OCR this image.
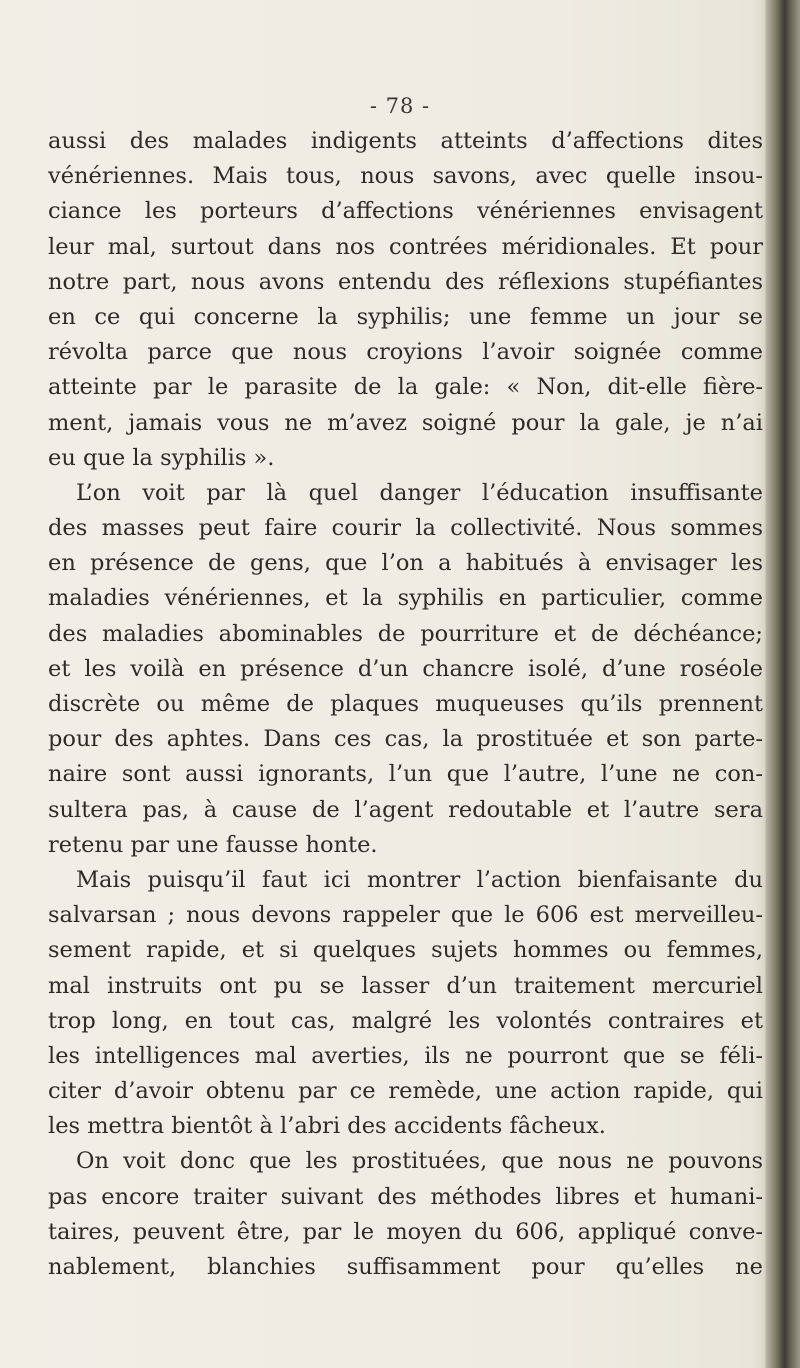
- 78 -
aussi des malades indigents atteints d’affections dites
vénériennes. Mais tous, nous savons, avec quelle insou-
ciance les porteurs d’affections vénériennes envisagent
leur mal, surtout dans nos contrées méridionales. Et pour
notre part, nous avons entendu des réflexions stupéfiantes
en ce qui concerne la syphilis; une femme un jour se
révolta parce que nous croyions l’avoir soignée comme
atteinte par le parasite de la gale: « Non, dit-elle fière-
ment, jamais vous ne m’avez soigné pour la gale, je n’ai
eu que la syphilis ».
L’on voit par là quel danger l’éducation insuffisante
des masses peut faire courir la collectivité. Nous sommes
en présence de gens, que l’on a habitués à envisager les
maladies vénériennes, et la syphilis en particulier, comme
des maladies abominables de pourriture et de déchéance;
et les voilà en présence d’un chancre isolé, d’une roséole
discrète ou même de plaques muqueuses qu’ils prennent
pour des aphtes. Dans ces cas, la prostituée et son parte-
naire sont aussi ignorants, l’un que l’autre, l’une ne con-
sultera pas, à cause de l’agent redoutable et l’autre sera
retenu par une fausse honte.
Mais puisqu’il faut ici montrer l’action bienfaisante du
salvarsan ; nous devons rappeler que le 606 est merveilleu-
sement rapide, et si quelques sujets hommes ou femmes,
mal instruits ont pu se lasser d’un traitement mercuriel
trop long, en tout cas, malgré les volontés contraires et
les intelligences mal averties, ils ne pourront que se féli-
citer d’avoir obtenu par ce remède, une action rapide, qui
les mettra bientôt à l’abri des accidents fâcheux.
On voit donc que les prostituées, que nous ne pouvons
pas encore traiter suivant des méthodes libres et humani-
taires, peuvent être, par le moyen du 606, appliqué conve-
nablement, blanchies suffisamment pour qu’elles ne
